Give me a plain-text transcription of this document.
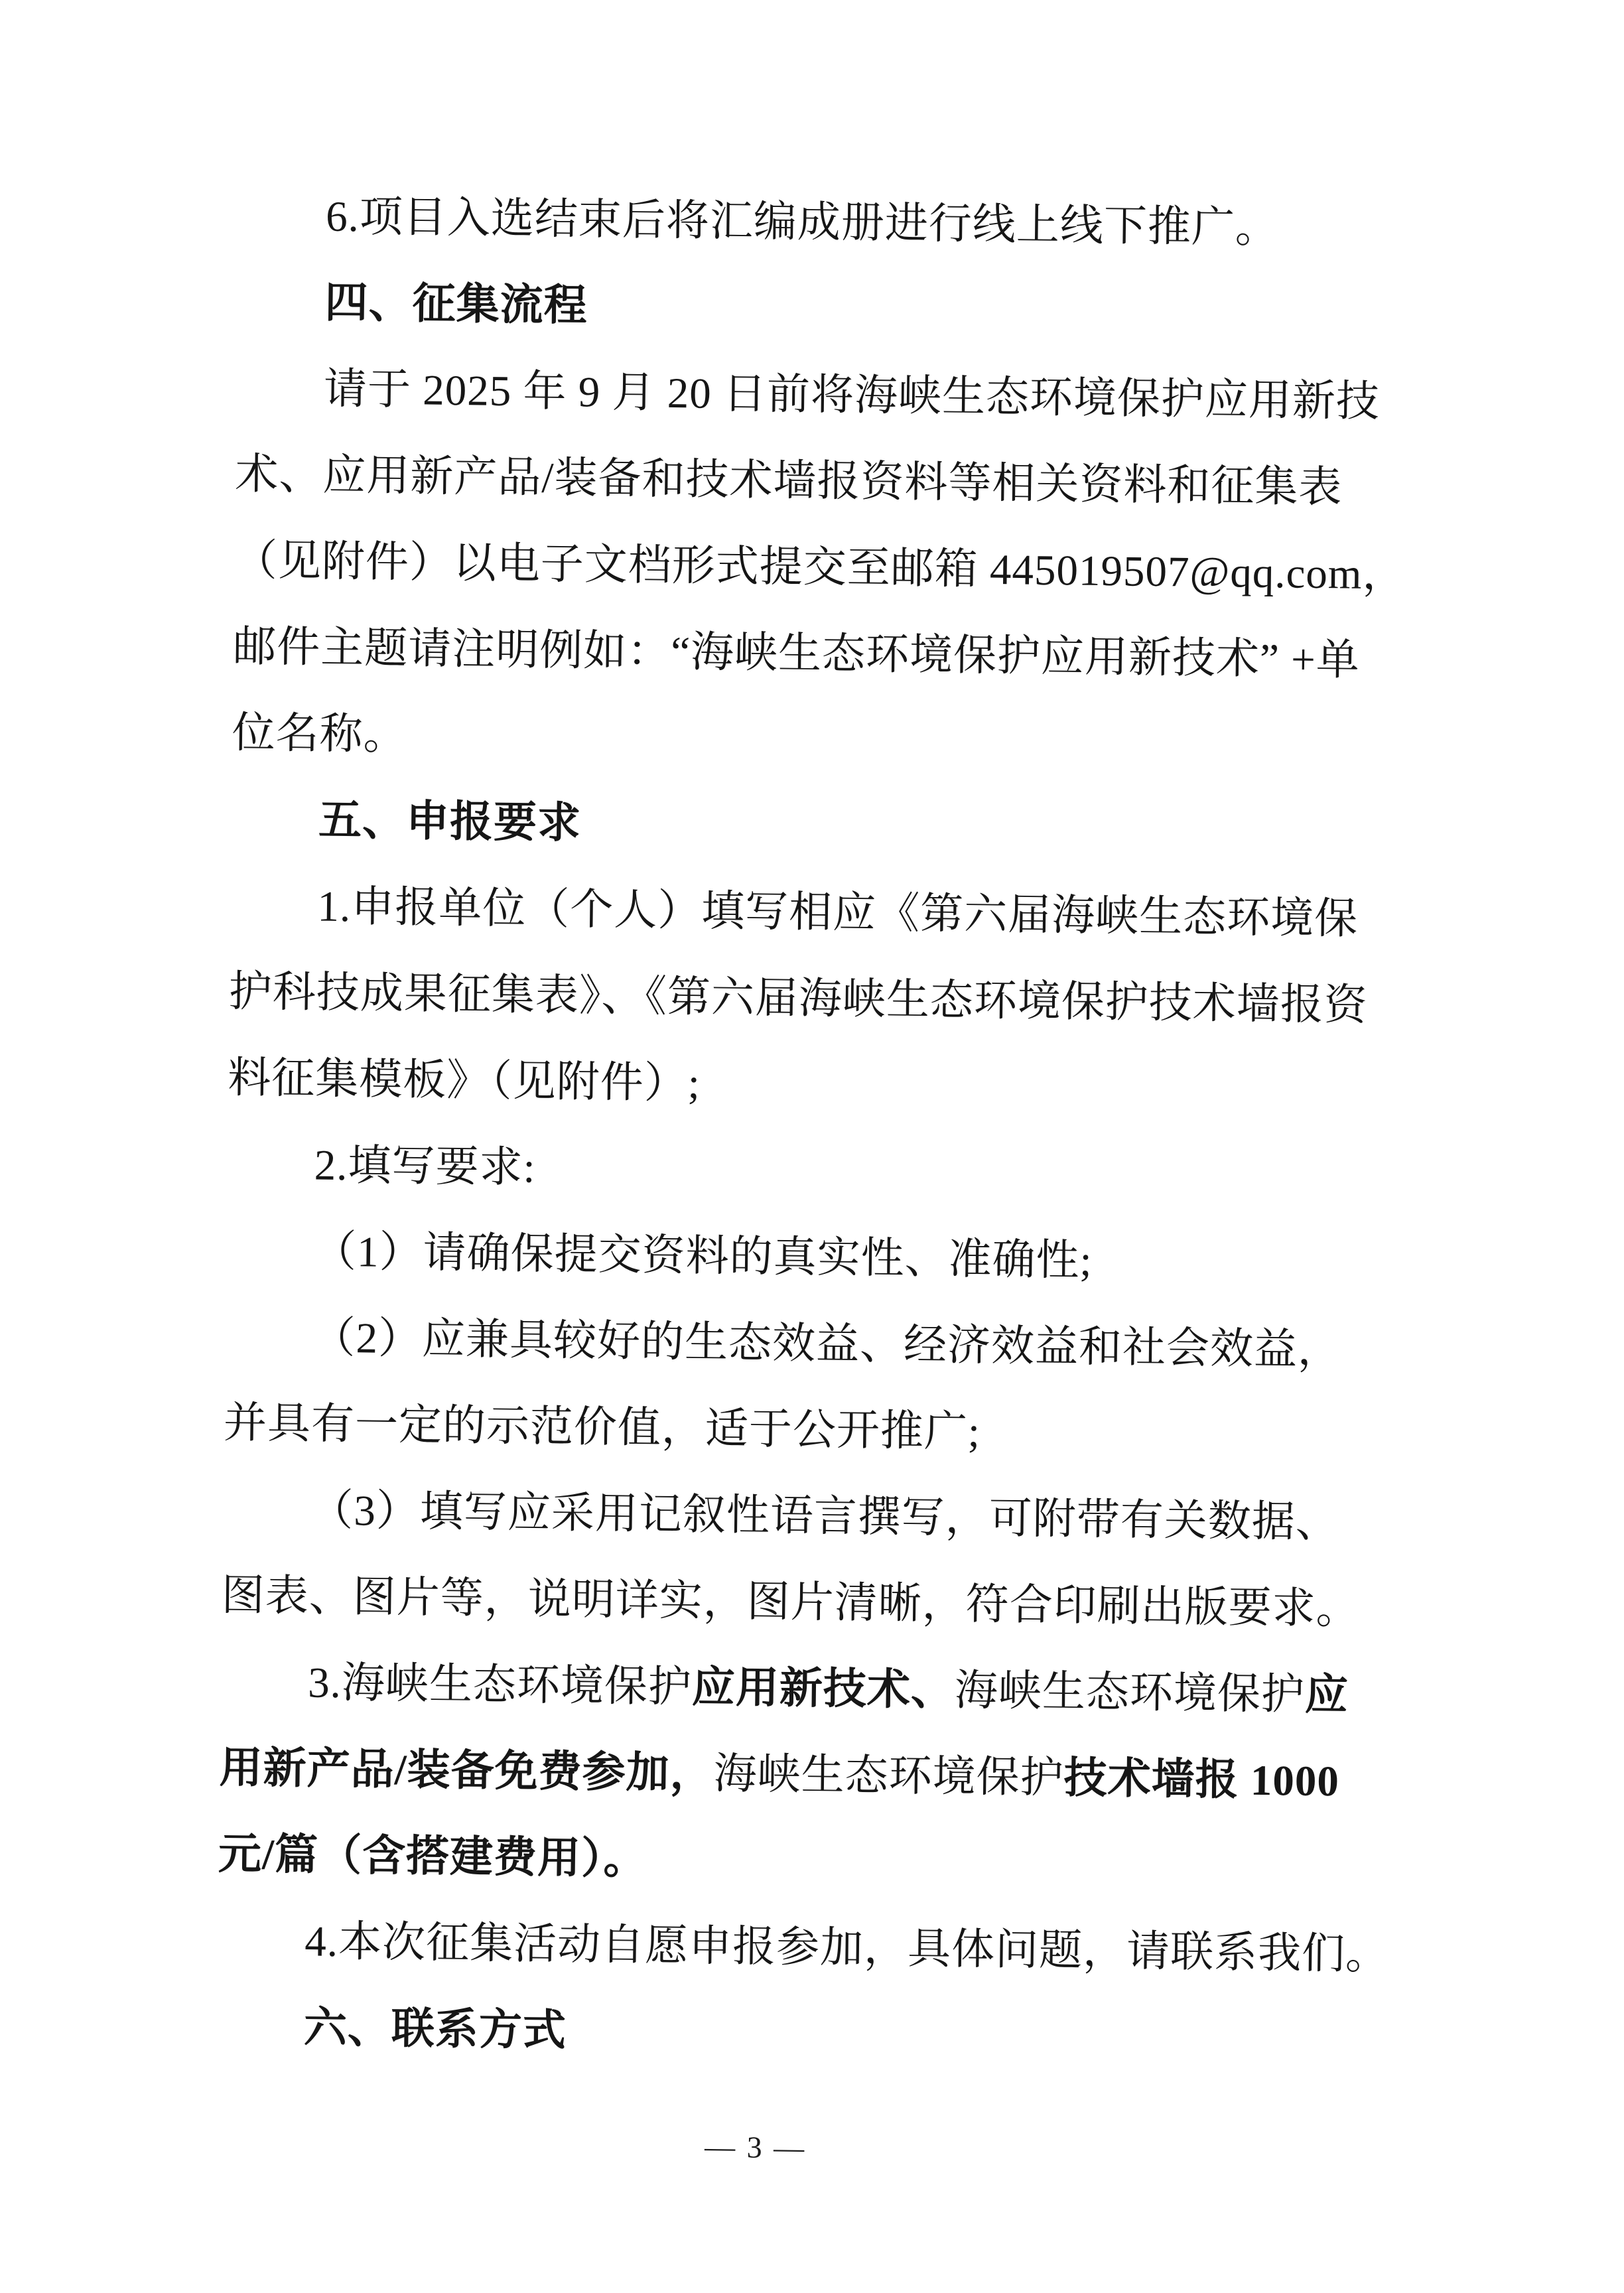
6.项目入选结束后将汇编成册进行线上线下推广。

四、征集流程

请于 2025 年 9 月 20 日前将海峡生态环境保护应用新技

术、应用新产品/装备和技术墙报资料等相关资料和征集表

（见附件）以电子文档形式提交至邮箱 445019507@qq.com，

邮件主题请注明例如：“海峡生态环境保护应用新技术” +单

位名称。

五、申报要求

1.申报单位（个人）填写相应《第六届海峡生态环境保

护科技成果征集表》、《第六届海峡生态环境保护技术墙报资

料征集模板》（见附件）;

2.填写要求:

（1）请确保提交资料的真实性、准确性;

（2）应兼具较好的生态效益、经济效益和社会效益，

并具有一定的示范价值，适于公开推广;

（3）填写应采用记叙性语言撰写，可附带有关数据、

图表、图片等，说明详实，图片清晰，符合印刷出版要求。

3.海峡生态环境保护应用新技术、海峡生态环境保护应

用新产品/装备免费参加，海峡生态环境保护技术墙报 1000

元/篇（含搭建费用）。

4.本次征集活动自愿申报参加，具体问题，请联系我们。

六、联系方式

— 3 —
